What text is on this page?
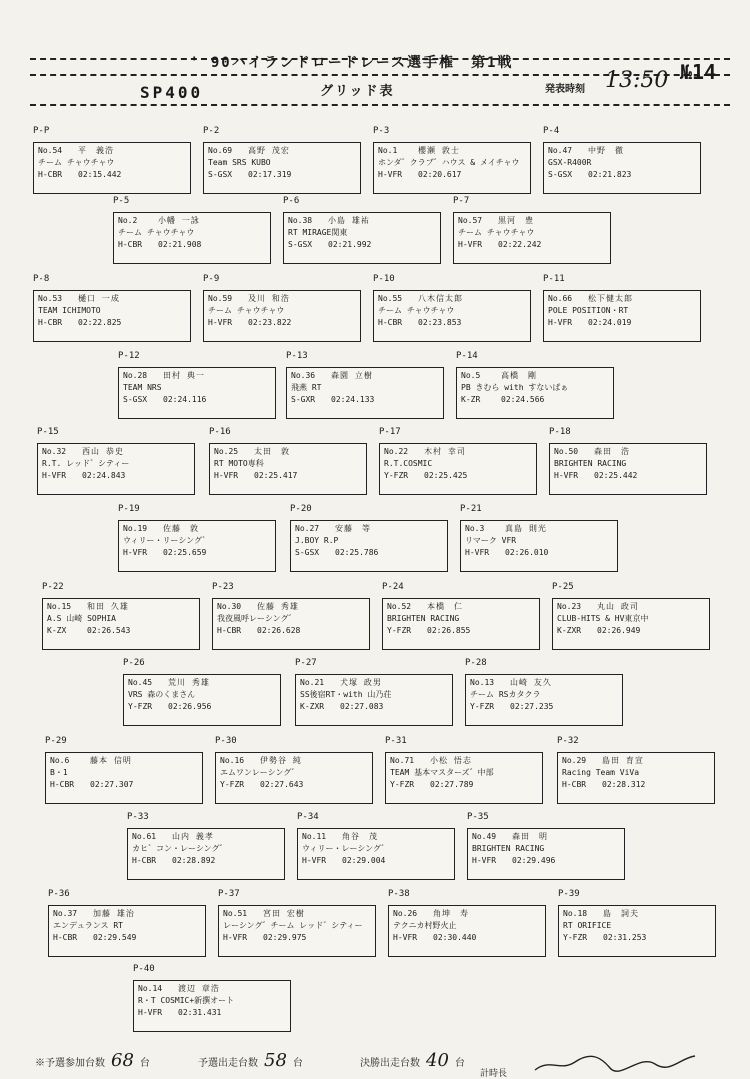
' 90ハイランドロードレース選手権　第1戦
SP400	グリッド表	発表時刻 13:50 №14
P-P
No.54	平　義浩
チーム チャウチャウ
H-CBR	02:15.442
P-2
No.69	高野 茂宏
Team SRS KUBO
S-GSX	02:17.319
P-3
No.1	櫻瀬 敦士
ホンダ゛クラブ゛ハウス & メイチャウ
H-VFR	02:20.617
P-4
No.47	中野　徹
GSX-R400R
S-GSX	02:21.823
P-5
No.2	小幡 一詠
チーム チャウチャウ
H-CBR	02:21.908
P-6
No.38	小島 雄祐
RT MIRAGE関東
S-GSX	02:21.992
P-7
No.57	黒河　豊
チーム チャウチャウ
H-VFR	02:22.242
P-8
No.53	樋口 一成
TEAM ICHIMOTO
H-CBR	02:22.825
P-9
No.59	及川 和浩
チーム チャウチャウ
H-VFR	02:23.822
P-10
No.55	八木信太郎
チーム チャウチャウ
H-CBR	02:23.853
P-11
No.66	松下健太郎
POLE POSITION・RT
H-VFR	02:24.019
P-12
No.28	田村 典一
TEAM NRS
S-GSX	02:24.116
P-13
No.36	森園 立樹
飛燕 RT
S-GXR	02:24.133
P-14
No.5	高橋　剛
PB きむら with すないぱぁ
K-ZR	02:24.566
P-15
No.32	西山 恭史
R.T. レッド゛シティー
H-VFR	02:24.843
P-16
No.25	太田　敦
RT MOTO専科
H-VFR	02:25.417
P-17
No.22	木村 幸司
R.T.COSMIC
Y-FZR	02:25.425
P-18
No.50	森田　浩
BRIGHTEN RACING
H-VFR	02:25.442
P-19
No.19	佐藤　敦
ウィリー・リーシング゛
H-VFR	02:25.659
P-20
No.27	安藤　等
J.BOY R.P
S-GSX	02:25.786
P-21
No.3	真島 則光
リマーク VFR
H-VFR	02:26.010
P-22
No.15	和田 久雄
A.S 山崎 SOPHIA
K-ZX	02:26.543
P-23
No.30	佐藤 秀雄
我夜風呼レーシング゛
H-CBR	02:26.628
P-24
No.52	本橋　仁
BRIGHTEN RACING
Y-FZR	02:26.855
P-25
No.23	丸山 政司
CLUB-HITS & HV東京中
K-ZXR	02:26.949
P-26
No.45	荒川 秀雄
VRS 森のくまさん
Y-FZR	02:26.956
P-27
No.21	犬塚 政男
SS後宿RT・with 山乃荘
K-ZXR	02:27.083
P-28
No.13	山崎 友久
チーム RSカタクラ
Y-FZR	02:27.235
P-29
No.6	藤本 信明
B・1
H-CBR	02:27.307
P-30
No.16	伊勢谷 純
エムワンレーシング゛
Y-FZR	02:27.643
P-31
No.71	小松 悟志
TEAM 基本マスターズ゛中部
Y-FZR	02:27.789
P-32
No.29	島田 育宣
Racing Team ViVa
H-CBR	02:28.312
P-33
No.61	山内 義孝
カヒ゛コン・レーシング゛
H-CBR	02:28.892
P-34
No.11	角谷　茂
ウィリー・レーシング゛
H-VFR	02:29.004
P-35
No.49	森田　明
BRIGHTEN RACING
H-VFR	02:29.496
P-36
No.37	加藤 雄治
エンデュランス RT
H-CBR	02:29.549
P-37
No.51	宮田 宏樹
レーシング゛チーム レッド゛シティー
H-VFR	02:29.975
P-38
No.26	角坤　寿
テクニカ村野火止
H-VFR	02:30.440
P-39
No.18	島　詞夫
RT ORIFICE
Y-FZR	02:31.253
P-40
No.14	渡辺 章浩
R・T COSMIC+新撰オート
H-VFR	02:31.431
※予選参加台数 68 台	予選出走台数 58 台	決勝出走台数 40 台
計時長
